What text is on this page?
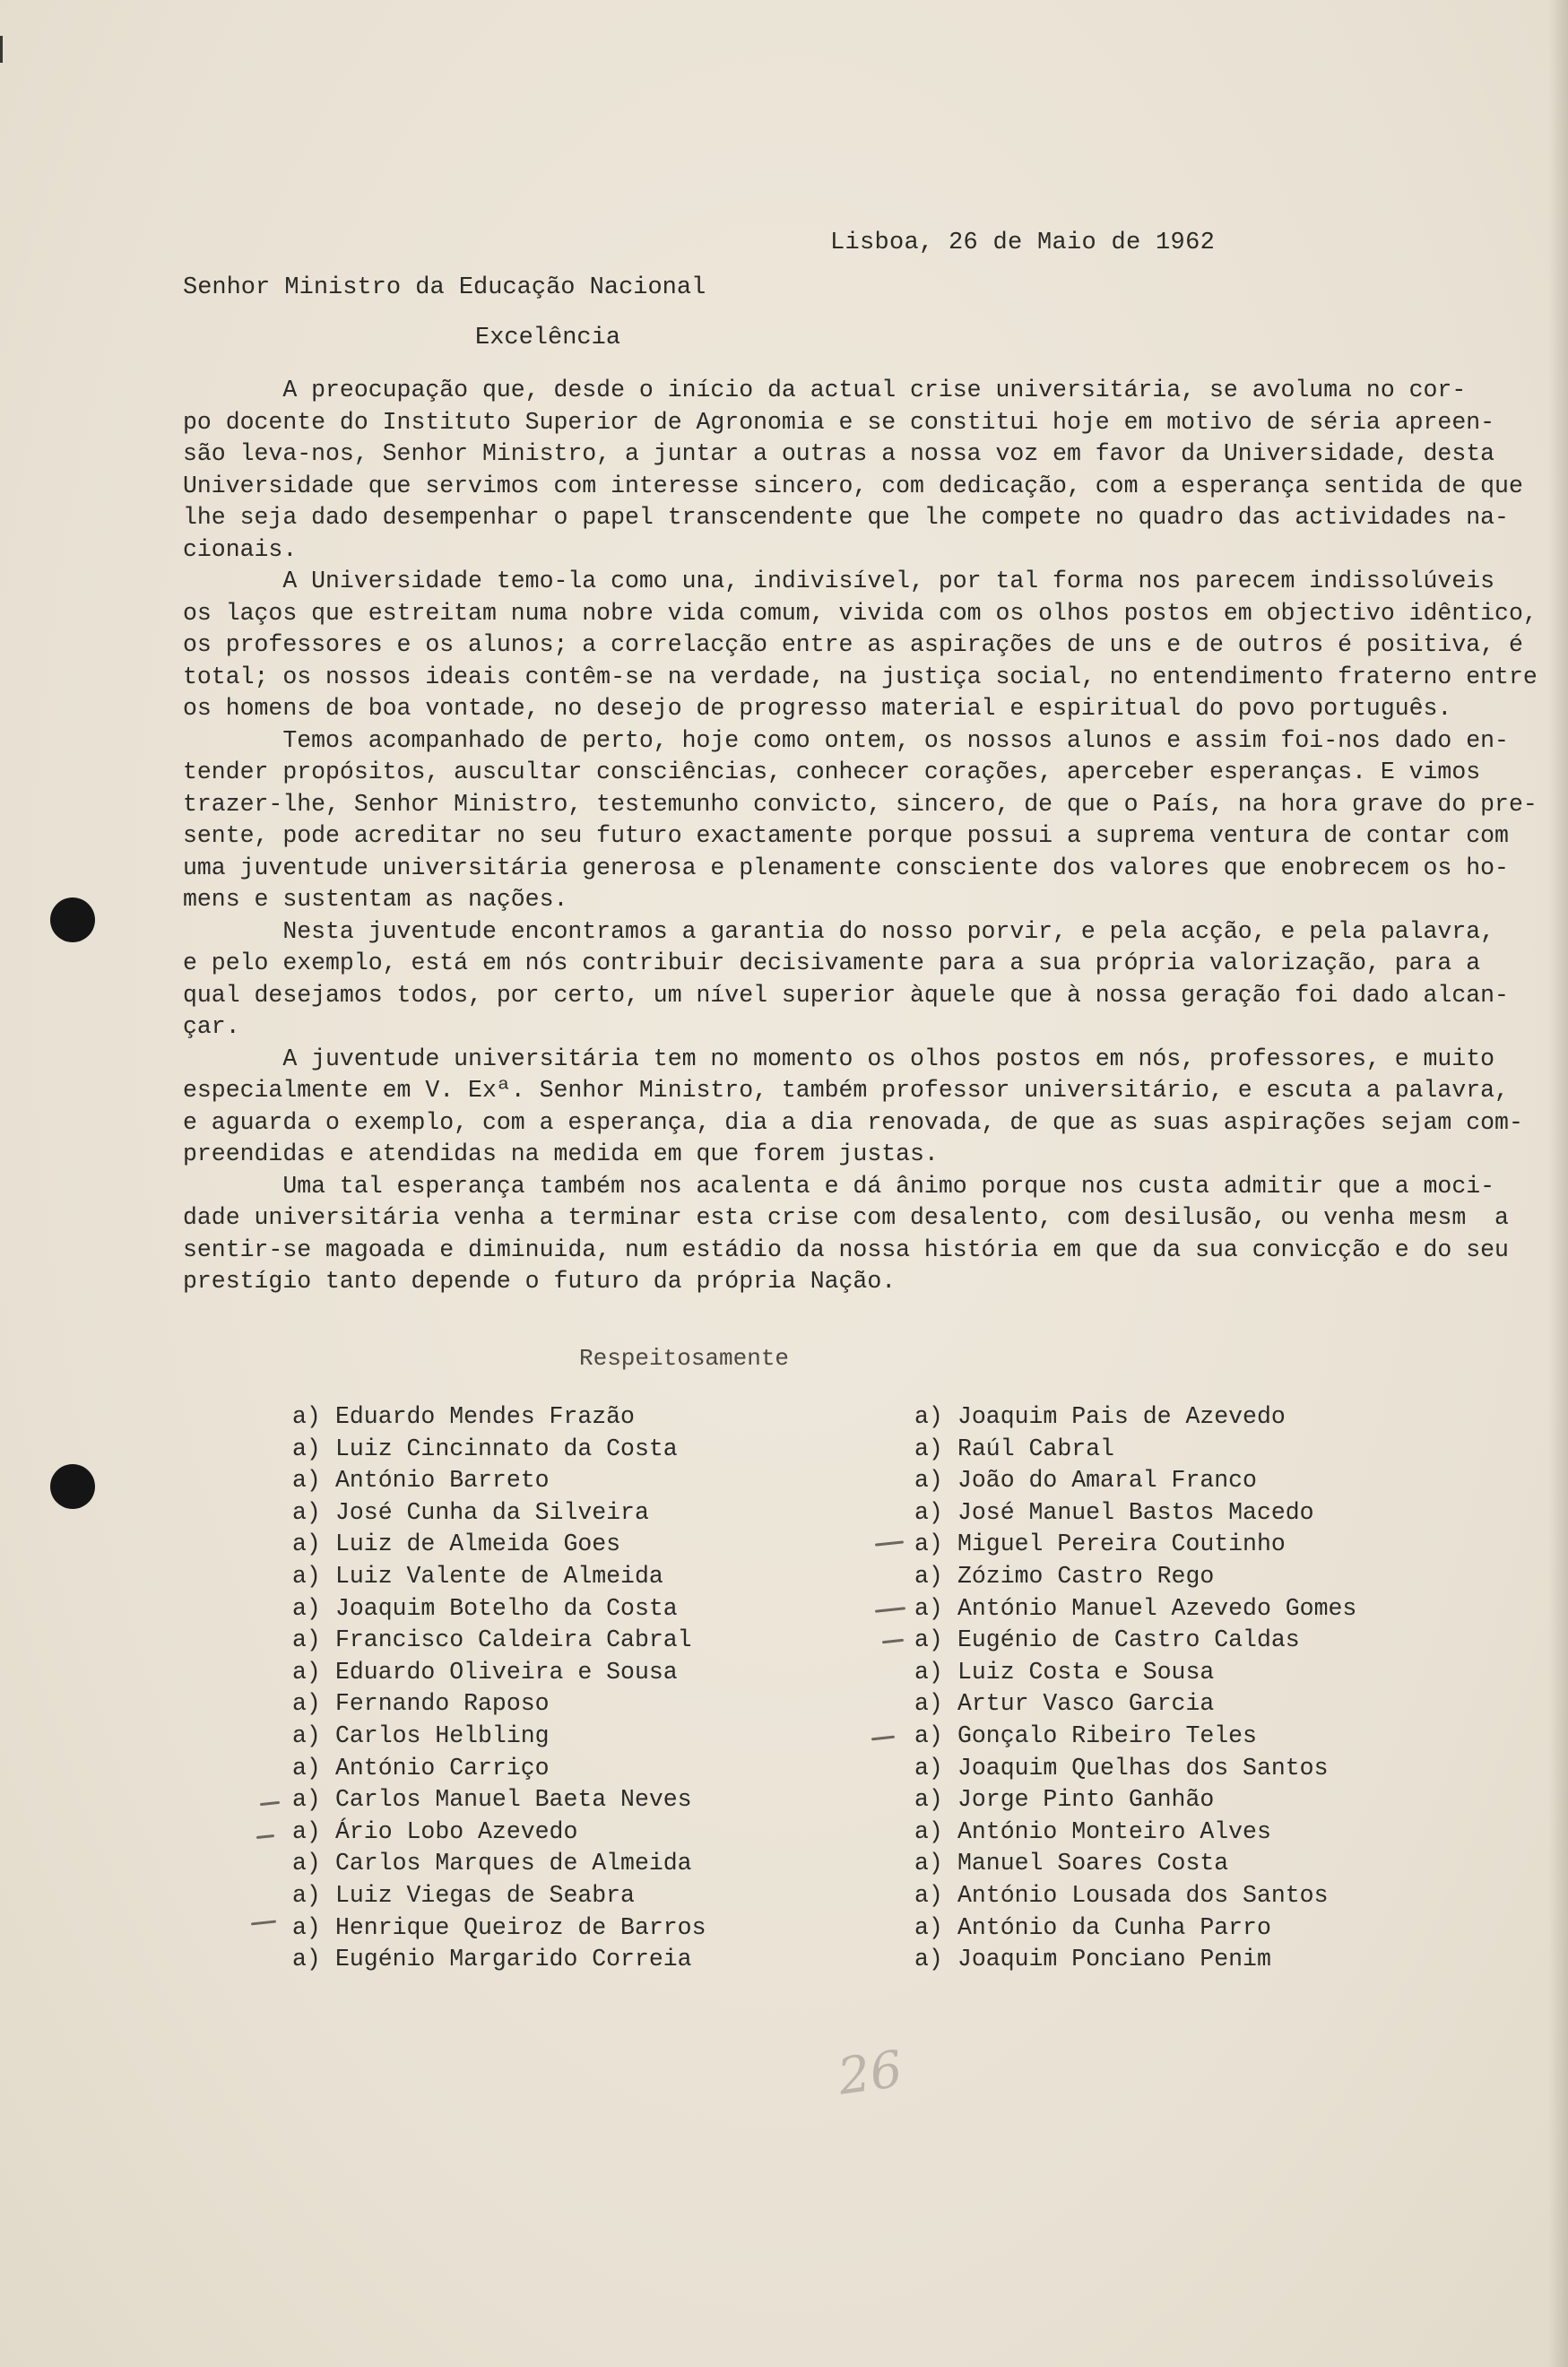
Lisboa, 26 de Maio de 1962
Senhor Ministro da Educação Nacional
Excelência
A preocupação que, desde o início da actual crise universitária, se avoluma no cor-
po docente do Instituto Superior de Agronomia e se constitui hoje em motivo de séria apreen-
são leva-nos, Senhor Ministro, a juntar a outras a nossa voz em favor da Universidade, desta
Universidade que servimos com interesse sincero, com dedicação, com a esperança sentida de que
lhe seja dado desempenhar o papel transcendente que lhe compete no quadro das actividades na-
cionais.
A Universidade temo-la como una, indivisível, por tal forma nos parecem indissolúveis
os laços que estreitam numa nobre vida comum, vivida com os olhos postos em objectivo idêntico,
os professores e os alunos; a correlacção entre as aspirações de uns e de outros é positiva, é
total; os nossos ideais contêm-se na verdade, na justiça social, no entendimento fraterno entre
os homens de boa vontade, no desejo de progresso material e espiritual do povo português.
Temos acompanhado de perto, hoje como ontem, os nossos alunos e assim foi-nos dado en-
tender propósitos, auscultar consciências, conhecer corações, aperceber esperanças. E vimos
trazer-lhe, Senhor Ministro, testemunho convicto, sincero, de que o País, na hora grave do pre-
sente, pode acreditar no seu futuro exactamente porque possui a suprema ventura de contar com
uma juventude universitária generosa e plenamente consciente dos valores que enobrecem os ho-
mens e sustentam as nações.
Nesta juventude encontramos a garantia do nosso porvir, e pela acção, e pela palavra,
e pelo exemplo, está em nós contribuir decisivamente para a sua própria valorização, para a
qual desejamos todos, por certo, um nível superior àquele que à nossa geração foi dado alcan-
çar.
A juventude universitária tem no momento os olhos postos em nós, professores, e muito
especialmente em V. Exª. Senhor Ministro, também professor universitário, e escuta a palavra,
e aguarda o exemplo, com a esperança, dia a dia renovada, de que as suas aspirações sejam com-
preendidas e atendidas na medida em que forem justas.
Uma tal esperança também nos acalenta e dá ânimo porque nos custa admitir que a moci-
dade universitária venha a terminar esta crise com desalento, com desilusão, ou venha mesm  a
sentir-se magoada e diminuida, num estádio da nossa história em que da sua convicção e do seu
prestígio tanto depende o futuro da própria Nação.
Respeitosamente
a) Eduardo Mendes Frazão
a) Luiz Cincinnato da Costa
a) António Barreto
a) José Cunha da Silveira
a) Luiz de Almeida Goes
a) Luiz Valente de Almeida
a) Joaquim Botelho da Costa
a) Francisco Caldeira Cabral
a) Eduardo Oliveira e Sousa
a) Fernando Raposo
a) Carlos Helbling
a) António Carriço
a) Carlos Manuel Baeta Neves
a) Ário Lobo Azevedo
a) Carlos Marques de Almeida
a) Luiz Viegas de Seabra
a) Henrique Queiroz de Barros
a) Eugénio Margarido Correia
a) Joaquim Pais de Azevedo
a) Raúl Cabral
a) João do Amaral Franco
a) José Manuel Bastos Macedo
a) Miguel Pereira Coutinho
a) Zózimo Castro Rego
a) António Manuel Azevedo Gomes
a) Eugénio de Castro Caldas
a) Luiz Costa e Sousa
a) Artur Vasco Garcia
a) Gonçalo Ribeiro Teles
a) Joaquim Quelhas dos Santos
a) Jorge Pinto Ganhão
a) António Monteiro Alves
a) Manuel Soares Costa
a) António Lousada dos Santos
a) António da Cunha Parro
a) Joaquim Ponciano Penim
26
